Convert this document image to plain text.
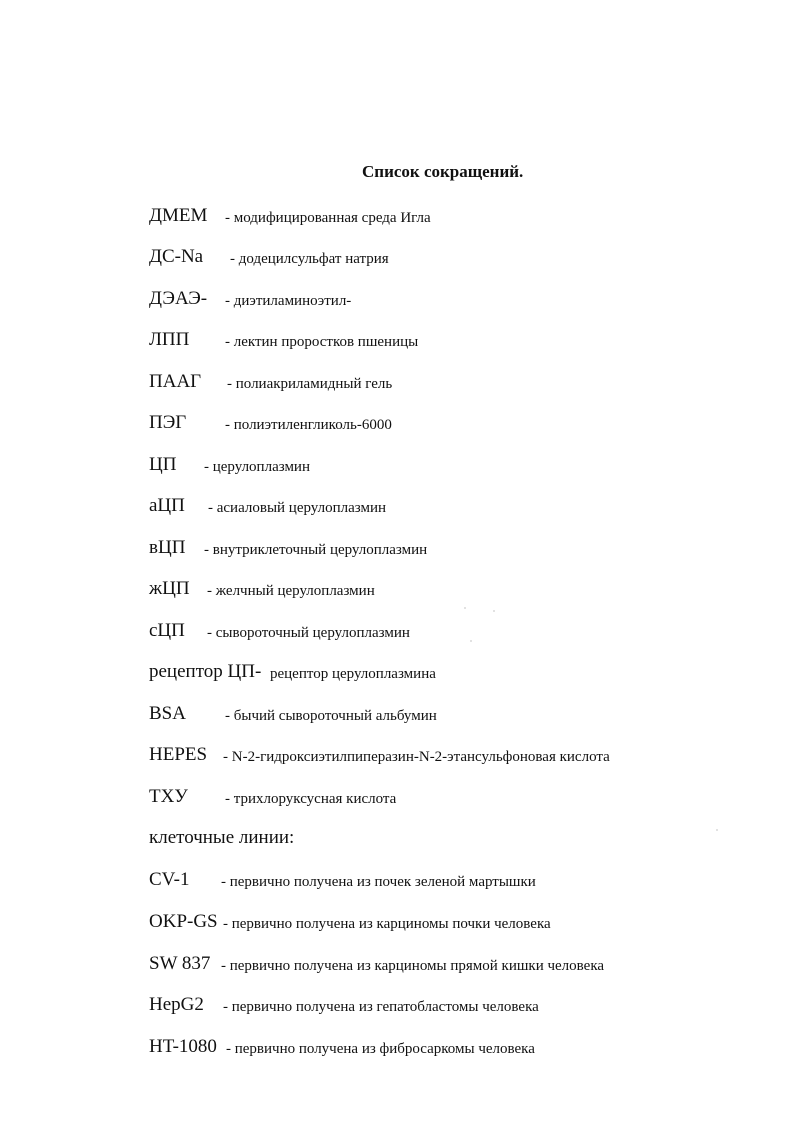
Список сокращений.
ДМЕМ - модифицированная среда Игла
ДС-Na - додецилсульфат натрия
ДЭАЭ- - диэтиламиноэтил-
ЛПП - лектин проростков пшеницы
ПААГ - полиакриламидный гель
ПЭГ	- полиэтиленгликоль-6000
ЦП - церулоплазмин
аЦП - асиаловый церулоплазмин
вЦП - внутриклеточный церулоплазмин
жЦП - желчный церулоплазмин
сЦП - сывороточный церулоплазмин
рецептор ЦП- рецептор церулоплазмина
BSA	- бычий сывороточный альбумин
HEPES - N-2-гидроксиэтилпиперазин-N-2-этансульфоновая кислота
ТХУ - трихлоруксусная кислота
клеточные линии:
CV-1 - первично получена из почек зеленой мартышки
OKP-GS - первично получена из карциномы почки человека
SW 837 - первично получена из карциномы прямой кишки человека
HepG2 - первично получена из гепатобластомы человека
HT-1080 - первично получена из фибросаркомы человека
